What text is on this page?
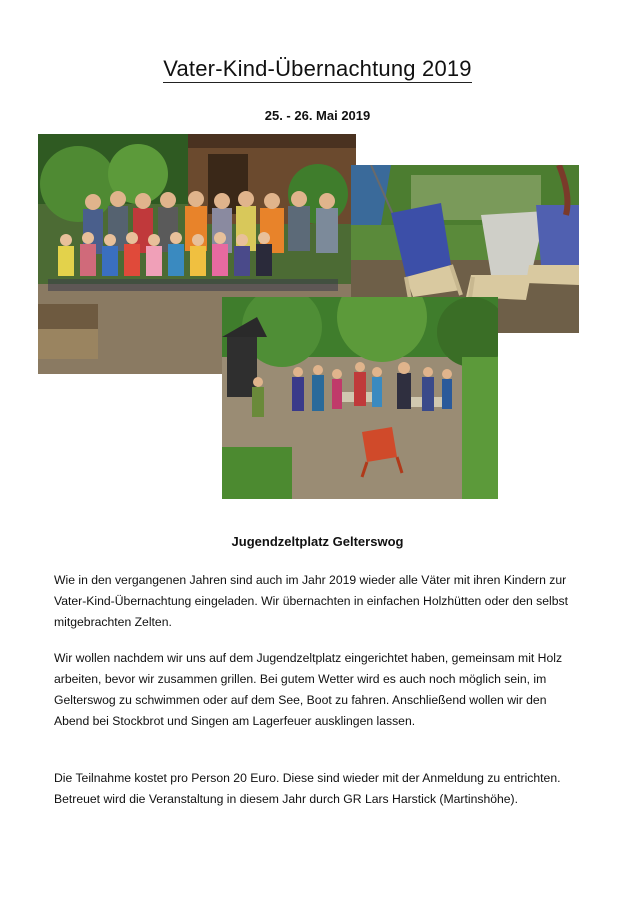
Vater-Kind-Übernachtung 2019
25. - 26. Mai 2019
Jugendzeltplatz Gelterswog

Wie in den vergangenen Jahren sind auch im Jahr 2019 wieder alle Väter mit ihren Kindern zur Vater-Kind-Übernachtung eingeladen. Wir übernachten in einfachen Holzhütten oder den selbst mitgebrachten Zelten.

Wir wollen nachdem wir uns auf dem Jugendzeltplatz eingerichtet haben, gemeinsam mit Holz arbeiten, bevor wir zusammen grillen. Bei gutem Wetter wird es auch noch möglich sein, im Gelterswog zu schwimmen oder auf dem See, Boot zu fahren. Anschließend wollen wir den Abend bei Stockbrot und Singen am Lagerfeuer ausklingen lassen.

Die Teilnahme kostet pro Person 20 Euro. Diese sind wieder mit der Anmeldung zu entrichten. Betreuet wird die Veranstaltung in diesem Jahr durch GR Lars Harstick (Martinshöhe).
